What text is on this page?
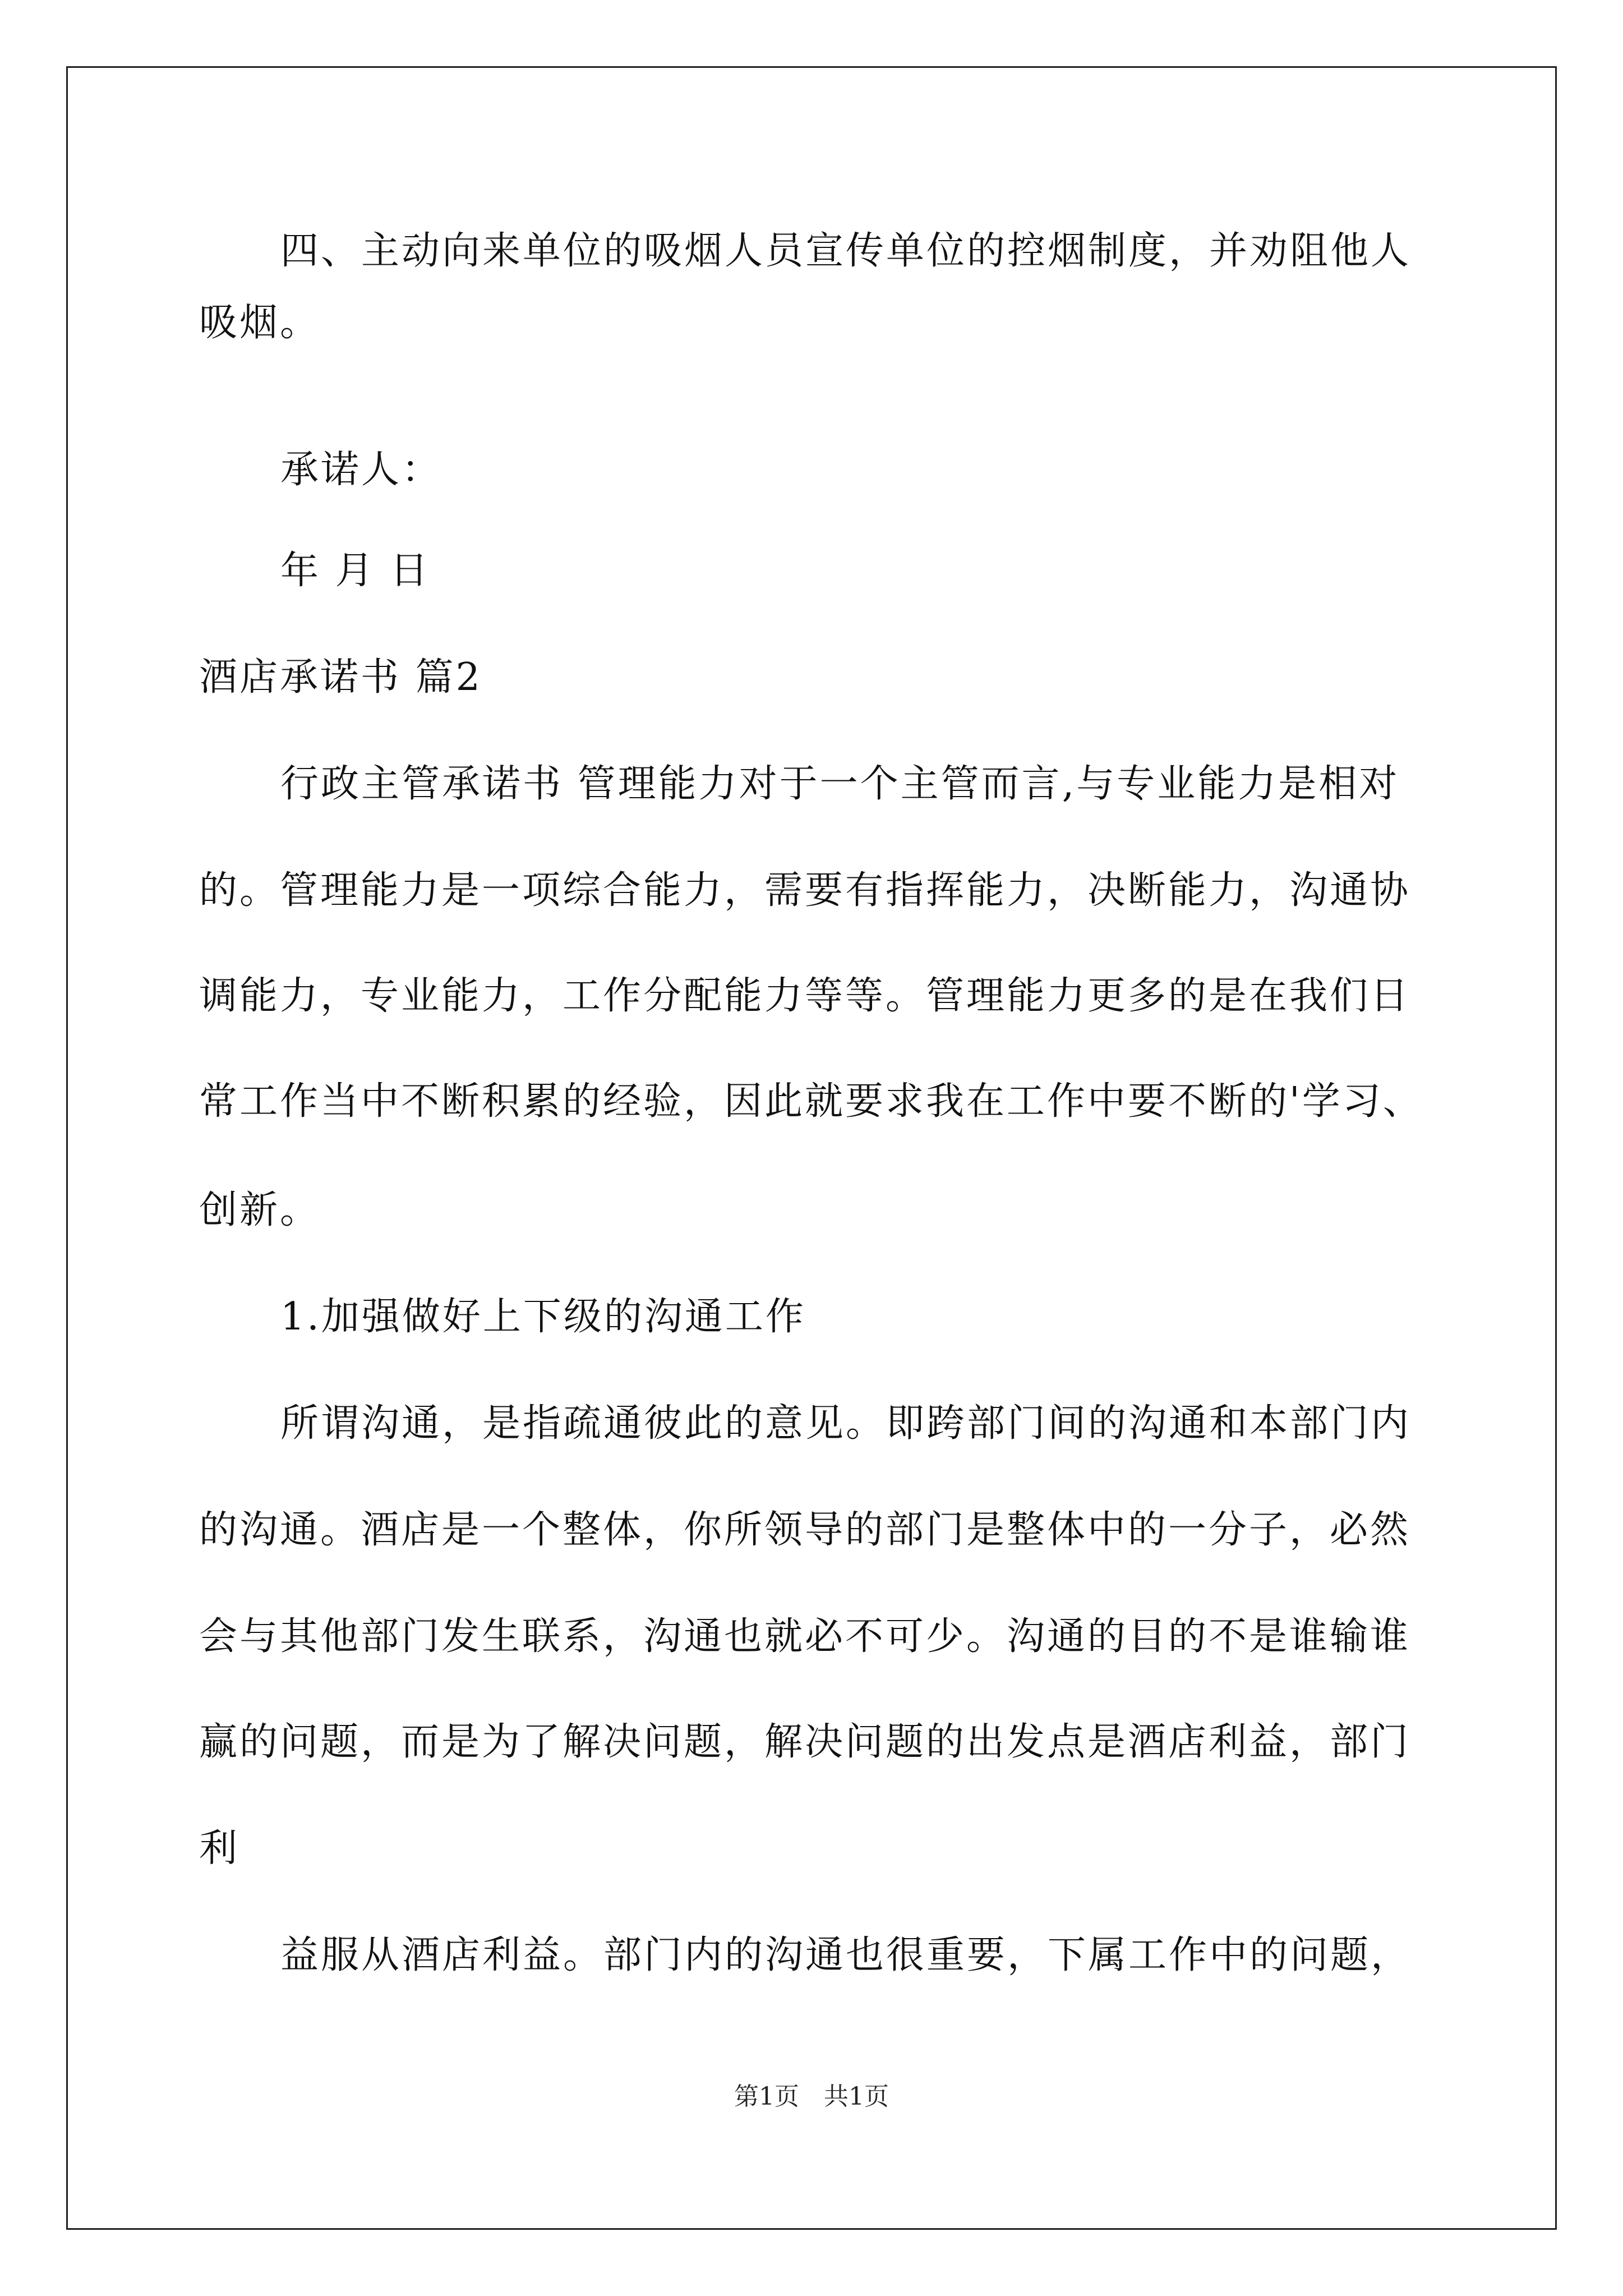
四、主动向来单位的吸烟人员宣传单位的控烟制度，并劝阻他人
吸烟。
承诺人：
年 月 日
酒店承诺书 篇2
行政主管承诺书 管理能力对于一个主管而言,与专业能力是相对
的。管理能力是一项综合能力，需要有指挥能力，决断能力，沟通协
调能力，专业能力，工作分配能力等等。管理能力更多的是在我们日
常工作当中不断积累的经验，因此就要求我在工作中要不断的'学习、
创新。
1.加强做好上下级的沟通工作
所谓沟通，是指疏通彼此的意见。即跨部门间的沟通和本部门内
的沟通。酒店是一个整体，你所领导的部门是整体中的一分子，必然
会与其他部门发生联系，沟通也就必不可少。沟通的目的不是谁输谁
赢的问题，而是为了解决问题，解决问题的出发点是酒店利益，部门
利
益服从酒店利益。部门内的沟通也很重要，下属工作中的问题，
第1页　共1页
